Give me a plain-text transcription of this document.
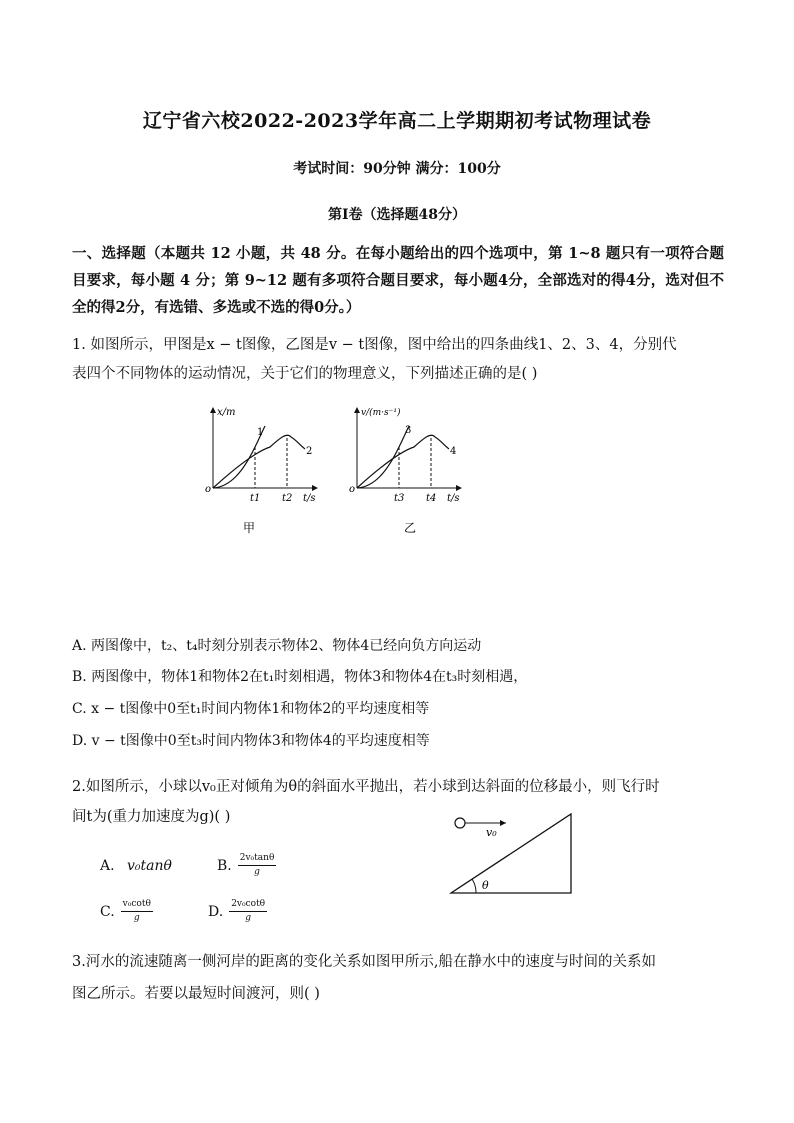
辽宁省六校2022-2023学年高二上学期期初考试物理试卷
考试时间：90分钟 满分：100分
第Ⅰ卷（选择题48分）
一、选择题（本题共 12 小题，共 48 分。在每小题给出的四个选项中，第 1~8 题只有一项符合题目要求，每小题 4 分；第 9~12 题有多项符合题目要求，每小题4分，全部选对的得4分，选对但不全的得2分，有选错、多选或不选的得0分。）
1. 如图所示，甲图是x − t图像，乙图是v − t图像，图中给出的四条曲线1、2、3、4，分别代
表四个不同物体的运动情况，关于它们的物理意义，下列描述正确的是( )
x/m
t/s
o
1
2
t1 t2
甲
v/(m·s⁻¹)
t/s
o
3
4
t3 t4
乙
A. 两图像中，t₂、t₄时刻分别表示物体2、物体4已经向负方向运动
B. 两图像中，物体1和物体2在t₁时刻相遇，物体3和物体4在t₃时刻相遇，
C. x − t图像中0至t₁时间内物体1和物体2的平均速度相等
D. v − t图像中0至t₃时间内物体3和物体4的平均速度相等
2.如图所示，小球以v₀正对倾角为θ的斜面水平抛出，若小球到达斜面的位移最小，则飞行时
间t为(重力加速度为g)( )
A. v₀tanθ	B. $\frac{\text{2v₀tanθ}}{g}$
C. $\frac{\text{v₀cotθ}}{g}$	D. $\frac{\text{2v₀cotθ}}{g}$
v₀
θ
3.河水的流速随离一侧河岸的距离的变化关系如图甲所示,船在静水中的速度与时间的关系如
图乙所示。若要以最短时间渡河，则( )
